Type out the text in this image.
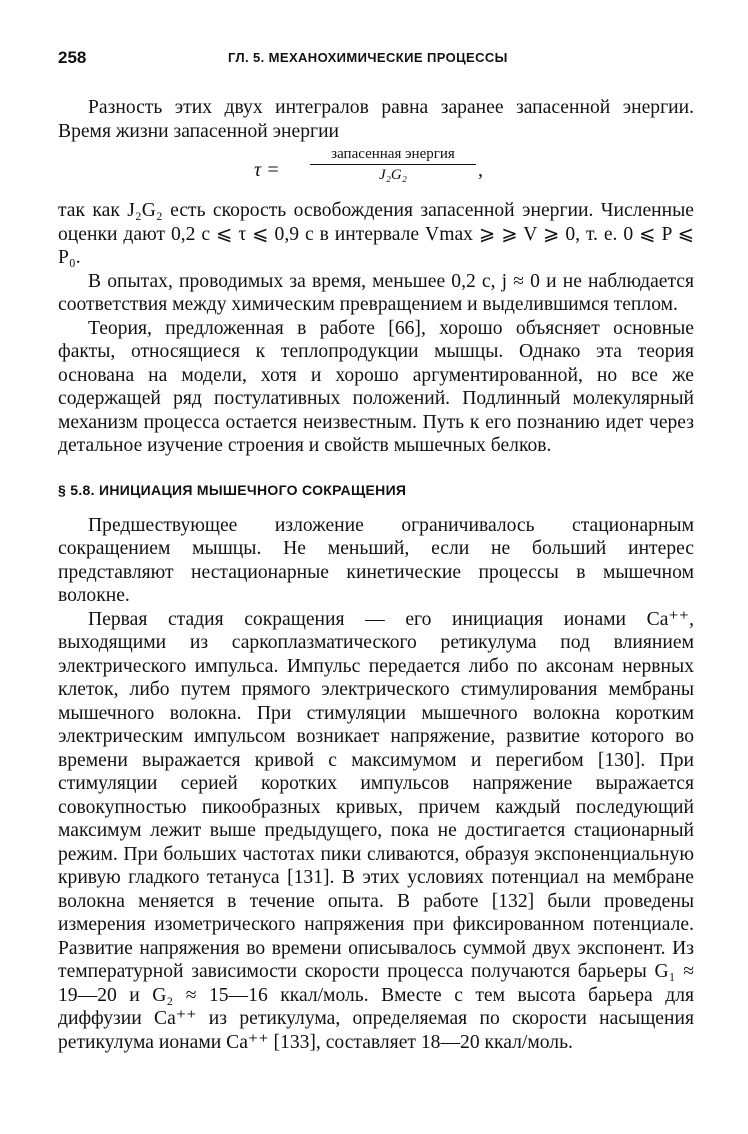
258	ГЛ. 5. МЕХАНОХИМИЧЕСКИЕ ПРОЦЕССЫ

Разность этих двух интегралов равна заранее запасенной энергии. Время жизни запасенной энергии

τ =
запасенная энергия
J₂G₂	,

так как J₂G₂ есть скорость освобождения запасенной энергии. Численные оценки дают 0,2 с ⩽ τ ⩽ 0,9 с в интервале Vmax ⩾ ⩾ V ⩾ 0, т. е. 0 ⩽ P ⩽ P₀.

В опытах, проводимых за время, меньшее 0,2 с, j ≈ 0 и не наблюдается соответствия между химическим превращением и выделившимся теплом.

Теория, предложенная в работе [66], хорошо объясняет основные факты, относящиеся к теплопродукции мышцы. Однако эта теория основана на модели, хотя и хорошо аргументированной, но все же содержащей ряд постулативных положений. Подлинный молекулярный механизм процесса остается неизвестным. Путь к его познанию идет через детальное изучение строения и свойств мышечных белков.

§ 5.8. ИНИЦИАЦИЯ МЫШЕЧНОГО СОКРАЩЕНИЯ

Предшествующее изложение ограничивалось стационарным сокращением мышцы. Не меньший, если не больший интерес представляют нестационарные кинетические процессы в мышечном волокне.

Первая стадия сокращения — его инициация ионами Ca⁺⁺, выходящими из саркоплазматического ретикулума под влиянием электрического импульса. Импульс передается либо по аксонам нервных клеток, либо путем прямого электрического стимулирования мембраны мышечного волокна. При стимуляции мышечного волокна коротким электрическим импульсом возникает напряжение, развитие которого во времени выражается кривой с максимумом и перегибом [130]. При стимуляции серией коротких импульсов напряжение выражается совокупностью пикообразных кривых, причем каждый последующий максимум лежит выше предыдущего, пока не достигается стационарный режим. При больших частотах пики сливаются, образуя экспоненциальную кривую гладкого тетануса [131]. В этих условиях потенциал на мембране волокна меняется в течение опыта. В работе [132] были проведены измерения изометрического напряжения при фиксированном потенциале. Развитие напряжения во времени описывалось суммой двух экспонент. Из температурной зависимости скорости процесса получаются барьеры G₁ ≈ 19—20 и G₂ ≈ 15—16 ккал/моль. Вместе с тем высота барьера для диффузии Ca⁺⁺ из ретикулума, определяемая по скорости насыщения ретикулума ионами Ca⁺⁺ [133], составляет 18—20 ккал/моль.
